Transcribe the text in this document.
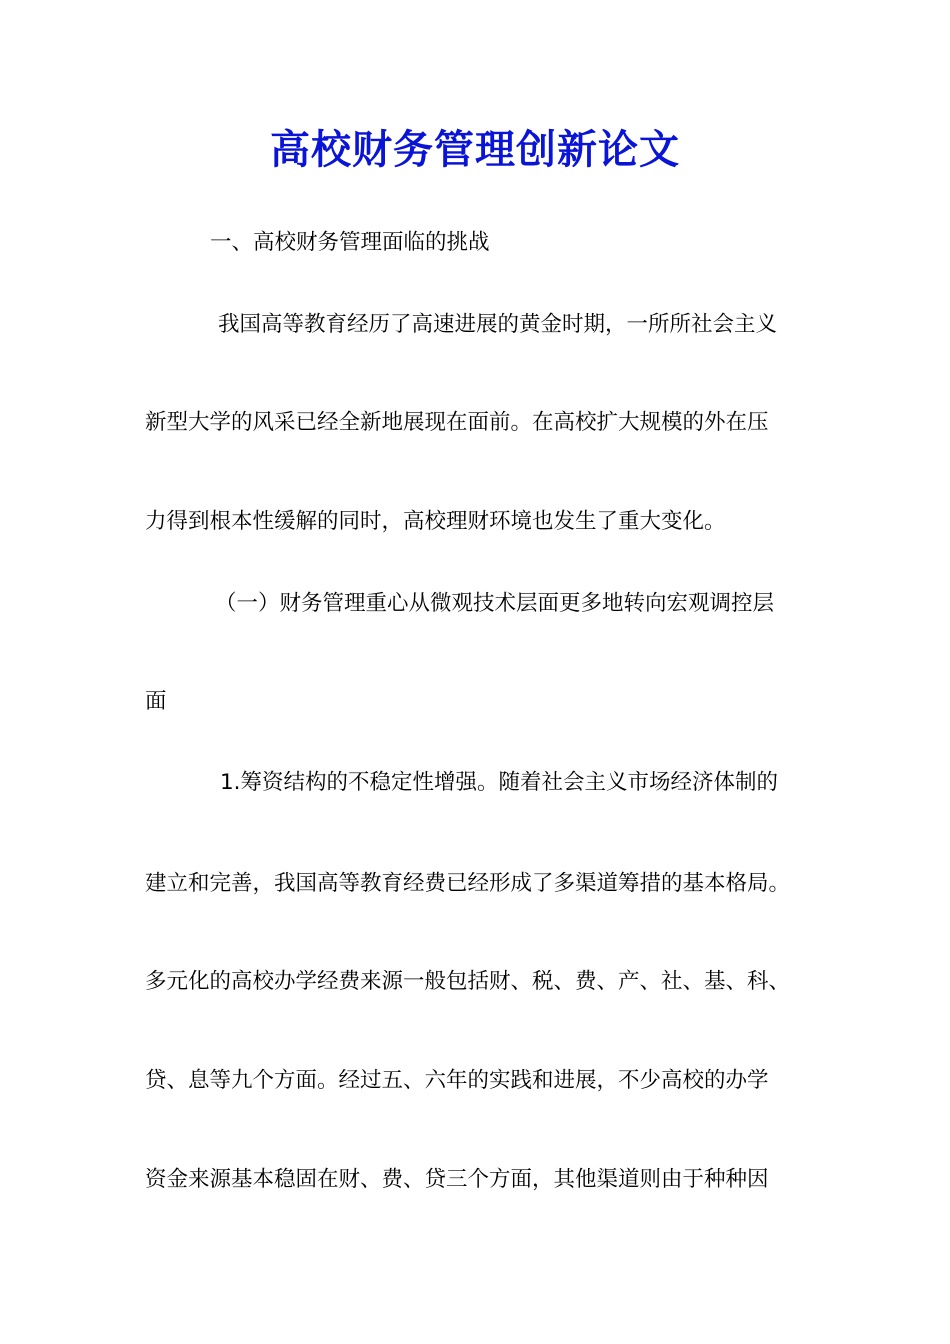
高校财务管理创新论文
一、高校财务管理面临的挑战
我国高等教育经历了高速进展的黄金时期，一所所社会主义
新型大学的风采已经全新地展现在面前。在高校扩大规模的外在压
力得到根本性缓解的同时，高校理财环境也发生了重大变化。
（一）财务管理重心从微观技术层面更多地转向宏观调控层
面
1.筹资结构的不稳定性增强。随着社会主义市场经济体制的
建立和完善，我国高等教育经费已经形成了多渠道筹措的基本格局。
多元化的高校办学经费来源一般包括财、税、费、产、社、基、科、
贷、息等九个方面。经过五、六年的实践和进展，不少高校的办学
资金来源基本稳固在财、费、贷三个方面，其他渠道则由于种种因
